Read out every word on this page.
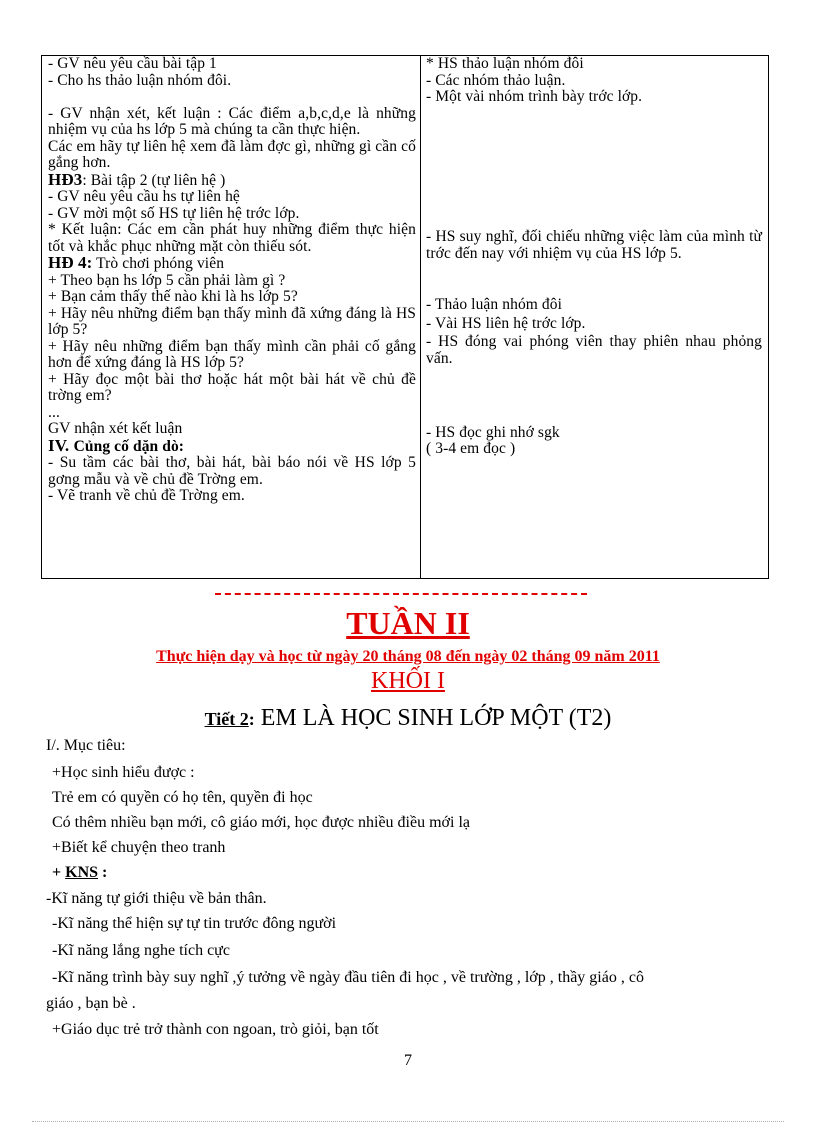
- GV nêu yêu cầu bài tập 1
- Cho hs thảo luận nhóm đôi.
- GV nhận xét, kết luận : Các điểm a,b,c,d,e là những nhiệm vụ của hs lớp 5 mà chúng ta cần thực hiện.
Các em hãy tự liên hệ xem đã làm đợc gì, những gì cần cố gắng hơn.
HĐ3: Bài tập 2 (tự liên hệ )
- GV nêu yêu cầu hs tự liên hệ
- GV mời một số HS tự liên hệ trớc lớp.
* Kết luận: Các em cần phát huy những điểm thực hiện tốt và khắc phục những mặt còn thiếu sót.
HĐ 4: Trò chơi phóng viên
+ Theo bạn hs lớp 5 cần phải làm gì ?
+ Bạn cảm thấy thế nào khi là hs lớp 5?
+ Hãy nêu những điểm bạn thấy mình đã xứng đáng là HS lớp 5?
+ Hãy nêu những điểm bạn thấy mình cần phải cố gắng hơn để xứng đáng là HS lớp 5?
+ Hãy đọc một bài thơ hoặc hát một bài hát về chủ đề trờng em?
...
GV nhận xét kết luận
IV. Củng cố dặn dò:
- Su tầm các bài thơ, bài hát, bài báo nói về HS lớp 5 gơng mẫu và về chủ đề Trờng em.
- Vẽ tranh về chủ đề Trờng em.
* HS thảo luận nhóm đôi
- Các nhóm thảo luận.
- Một vài nhóm trình bày trớc lớp.
- HS suy nghĩ, đối chiếu những việc làm của mình từ trớc đến nay với nhiệm vụ của HS lớp 5.
- Thảo luận nhóm đôi
- Vài HS liên hệ trớc lớp.
- HS đóng vai phóng viên thay phiên nhau phỏng vấn.
- HS đọc ghi nhớ sgk
( 3-4 em đọc )
TUẦN II
Thực hiện dạy và học từ ngày 20 tháng 08 đến ngày 02 tháng 09 năm 2011
KHỐI I
Tiết 2: EM LÀ HỌC SINH LỚP MỘT (T2)
I/. Mục tiêu:
+Học sinh hiểu được :
Trẻ em có quyền có họ tên, quyền đi học
Có thêm nhiều bạn mới, cô giáo mới, học được nhiều điều mới lạ
+Biết kể chuyện theo tranh
+ KNS :
-Kĩ năng tự giới thiệu về bản thân.
-Kĩ năng thể hiện sự tự tin trước đông người
-Kĩ năng lắng nghe tích cực
-Kĩ năng trình bày suy nghĩ ,ý tưởng về ngày đầu tiên đi học , về trường , lớp , thầy giáo , cô
giáo , bạn bè .
+Giáo dục trẻ trở thành con ngoan, trò giỏi, bạn tốt
7
